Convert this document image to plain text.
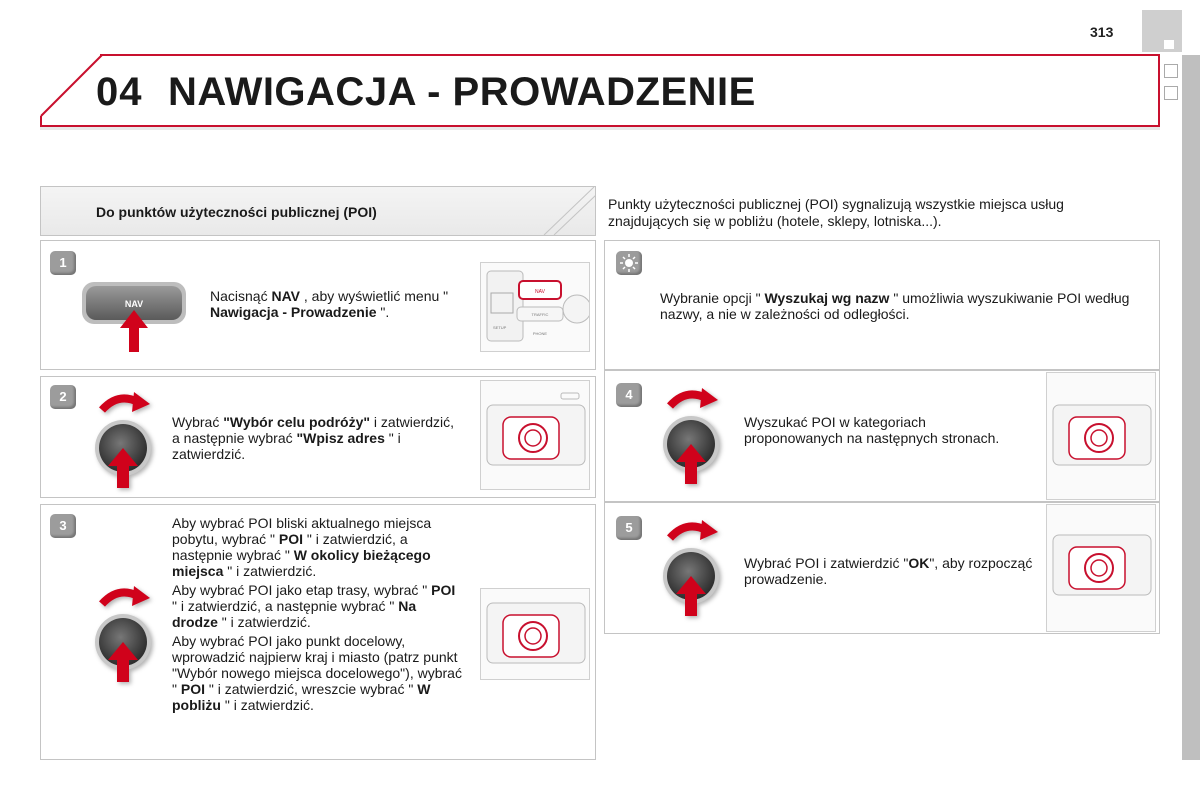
313
04 NAWIGACJA - PROWADZENIE
Do punktów użyteczności publicznej (POI)	Punkty użyteczności publicznej (POI) sygnalizują wszystkie miejsca usług znajdujących się w pobliżu (hotele, sklepy, lotniska...).
1
NAV	Nacisnąć NAV , aby wyświetlić menu " Nawigacja - Prowadzenie ".
NAV
TRAFFIC
PHONE
SETUP
2
Wybrać "Wybór celu podróży" i zatwierdzić, a następnie wybrać "Wpisz adres " i zatwierdzić.
3	Aby wybrać POI bliski aktualnego miejsca pobytu, wybrać " POI " i zatwierdzić, a następnie wybrać " W okolicy bieżącego miejsca " i zatwierdzić.
Aby wybrać POI jako etap trasy, wybrać " POI " i zatwierdzić, a następnie wybrać " Na drodze " i zatwierdzić.
Aby wybrać POI jako punkt docelowy, wprowadzić najpierw kraj i miasto (patrz punkt "Wybór nowego miejsca docelowego"), wybrać " POI " i zatwierdzić, wreszcie wybrać " W pobliżu " i zatwierdzić.
Wybranie opcji " Wyszukaj wg nazw " umożliwia wyszukiwanie POI według nazwy, a nie w zależności od odległości.
4
Wyszukać POI w kategoriach proponowanych na następnych stronach.
5
Wybrać POI i zatwierdzić "OK", aby rozpocząć prowadzenie.
